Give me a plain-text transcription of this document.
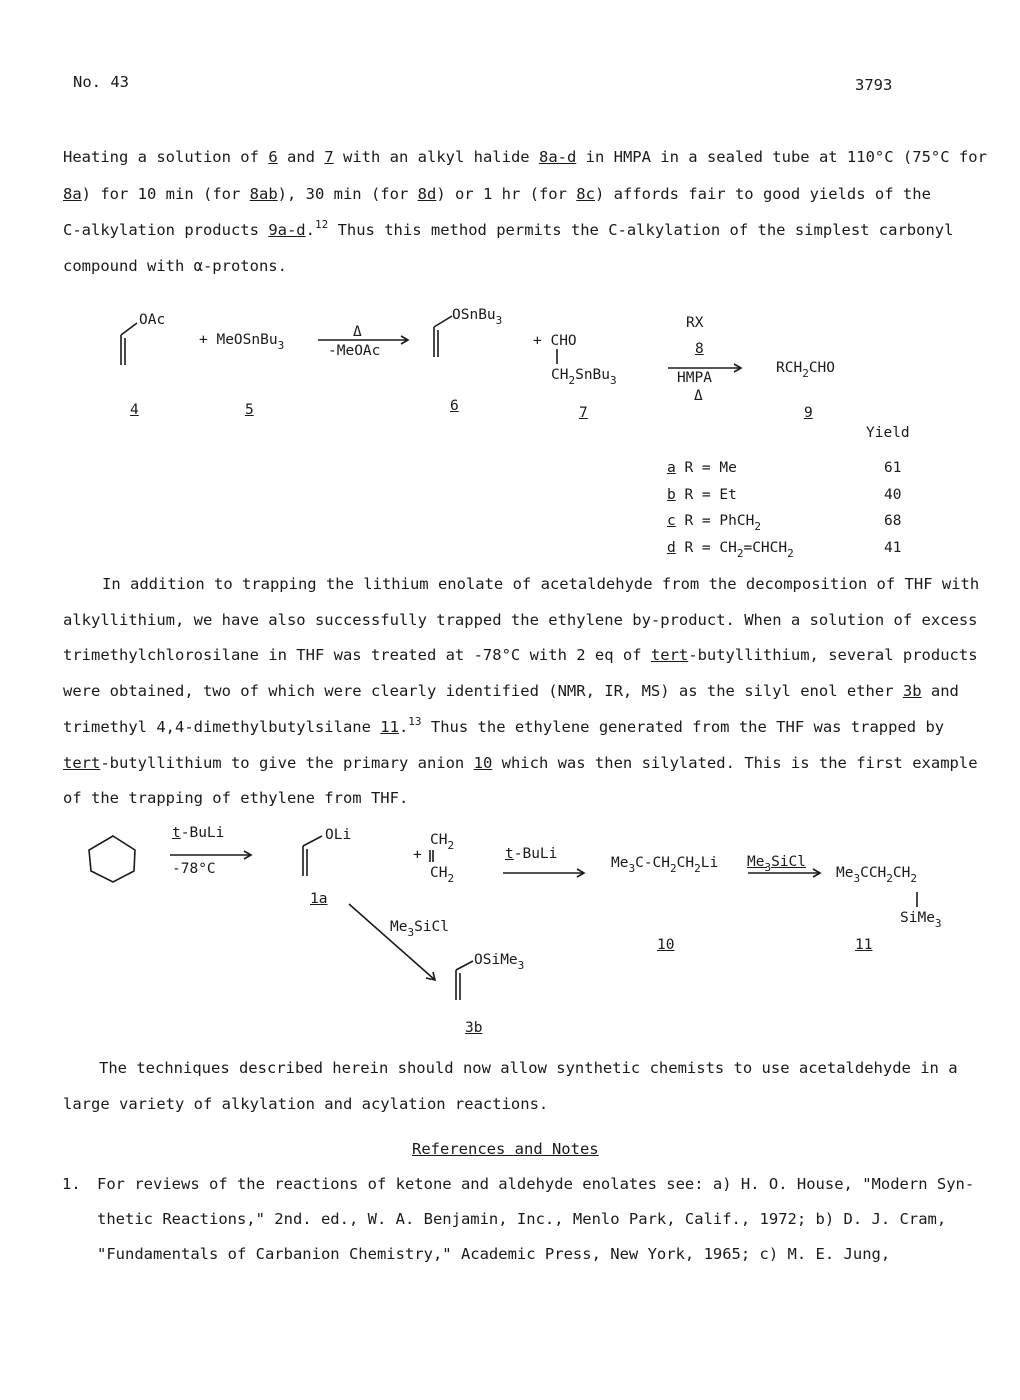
No. 43	3793
Heating a solution of 6 and 7 with an alkyl halide 8a-d in HMPA in a sealed tube at 110°C (75°C for
8a) for 10 min (for 8ab), 30 min (for 8d) or 1 hr (for 8c) affords fair to good yields of the
C-alkylation products 9a-d.$^{12}$ Thus this method permits the C-alkylation of the simplest carbonyl
compound with α-protons.
OAc
+ MeOSnBu$_3$
Δ
-MeOAc
OSnBu$_3$
+ CHO
$CH_2SnBu_3$
RX
8
HMPA
Δ
$RCH_2CHO$
4	5	6	7	9
Yield
a R = Me	61
b R = Et	40
c R = PhCH$_2$	68
d $R = CH_2=CHCH_2$	41
In addition to trapping the lithium enolate of acetaldehyde from the decomposition of THF with
alkyllithium, we have also successfully trapped the ethylene by-product. When a solution of excess
trimethylchlorosilane in THF was treated at -78°C with 2 eq of tert-butyllithium, several products
were obtained, two of which were clearly identified (NMR, IR, MS) as the silyl enol ether 3b and
trimethyl 4,4-dimethylbutylsilane 11.13 Thus the ethylene generated from the THF was trapped by
tert-butyllithium to give the primary anion 10 which was then silylated. This is the first example
of the trapping of ethylene from THF.
t-BuLi
-78°C
OLi
1a
+
$CH_2$
$CH_2$
t-BuLi
$Me_3C-CH_2CH_2Li$ $Me_3SiCl$
$Me_3CCH_2CH_2$
SiMe$_3$
$Me_3SiCl$
10	11
OSiMe$_3$
3b
The techniques described herein should now allow synthetic chemists to use acetaldehyde in a
large variety of alkylation and acylation reactions.
References and Notes
1. For reviews of the reactions of ketone and aldehyde enolates see: a) H. O. House, "Modern Syn-
thetic Reactions," 2nd. ed., W. A. Benjamin, Inc., Menlo Park, Calif., 1972; b) D. J. Cram,
"Fundamentals of Carbanion Chemistry," Academic Press, New York, 1965; c) M. E. Jung,
